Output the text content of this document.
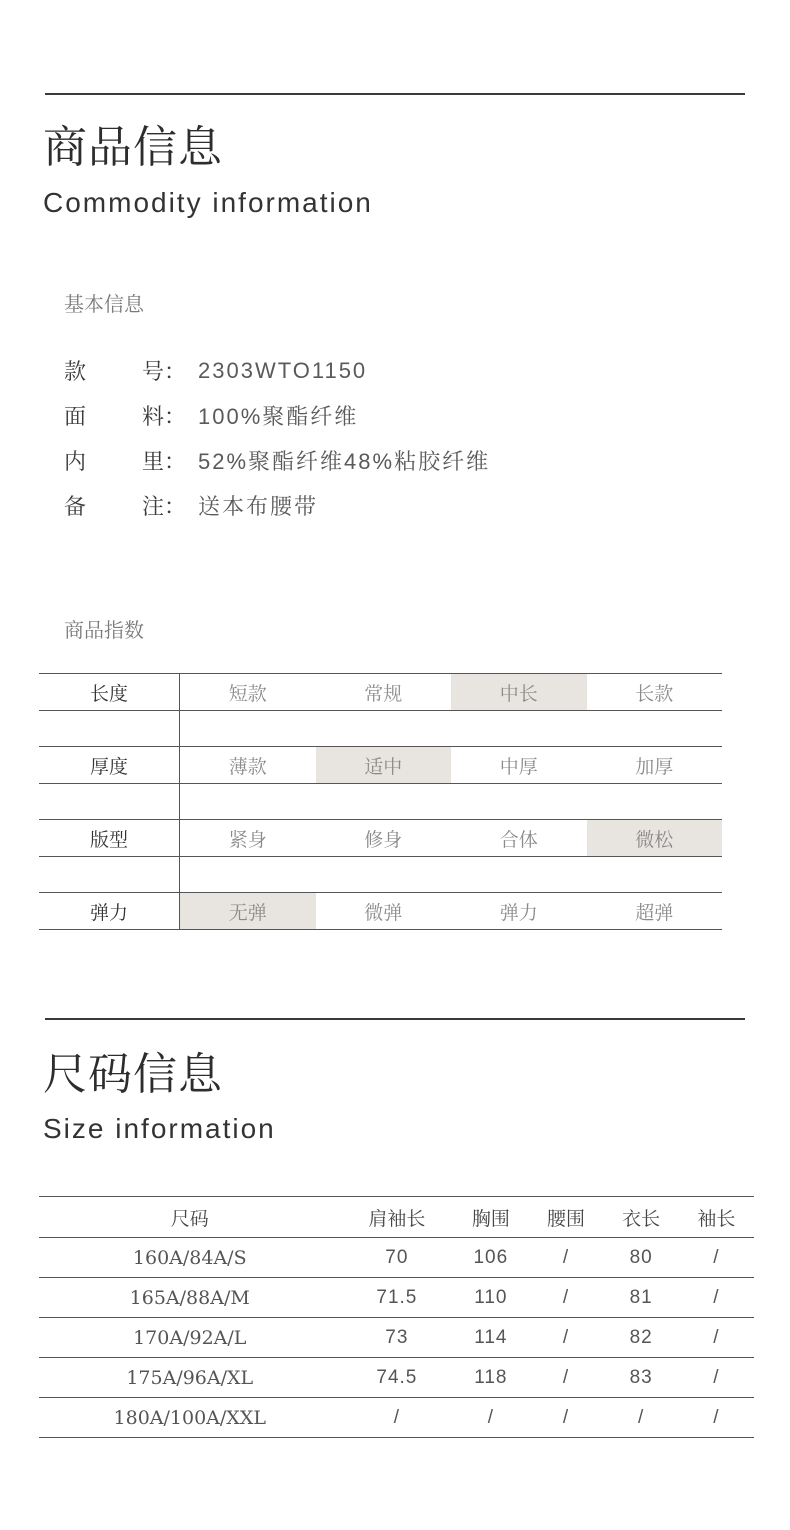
商品信息
Commodity information
基本信息
款	号： 2303WTO1150
面	料： 100%聚酯纤维
内	里： 52%聚酯纤维48%粘胶纤维
备	注： 送本布腰带
商品指数
长度	短款	常规	中长	长款
厚度	薄款	适中	中厚	加厚
版型	紧身	修身	合体	微松
弹力	无弹	微弹	弹力	超弹
尺码信息
Size information
尺码	肩袖长	胸围	腰围	衣长	袖长
160A/84A/S	70	106	/	80	/
165A/88A/M	71.5	110	/	81	/
170A/92A/L	73	114	/	82	/
175A/96A/XL	74.5	118	/	83	/
180A/100A/XXL	/	/	/	/	/
